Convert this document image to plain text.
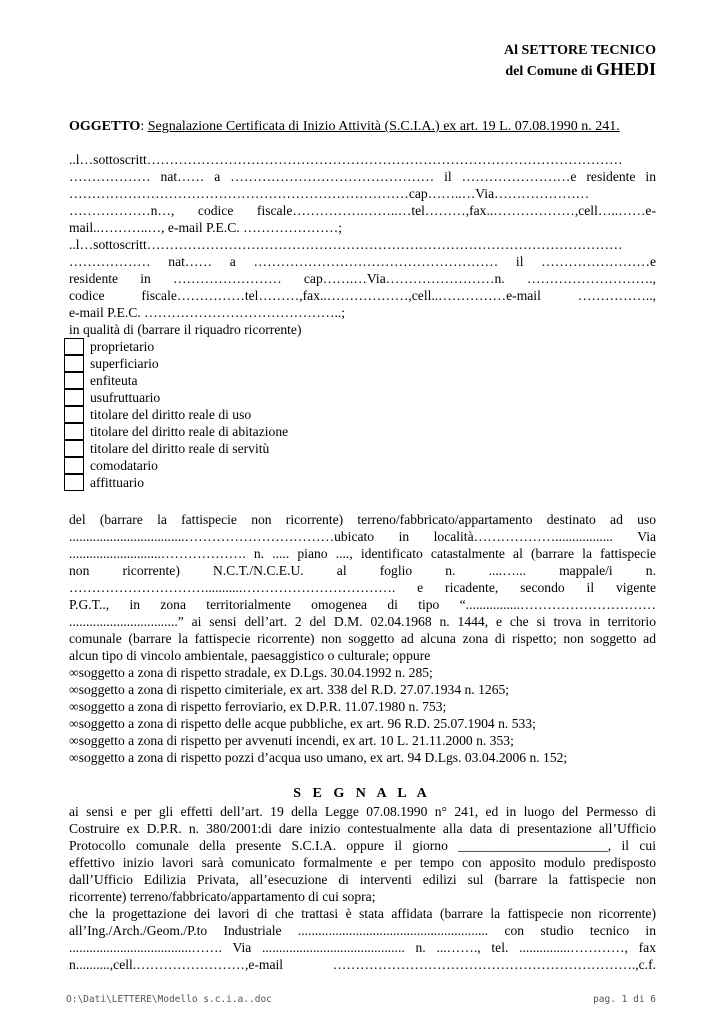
Al SETTORE TECNICO
del Comune di GHEDI
OGGETTO: Segnalazione Certificata di Inizio Attività (S.C.I.A.) ex art. 19 L. 07.08.1990 n. 241.
..l…sottoscritt……………………………………………………………………………………………
……………… nat…… a ……………………………………… il ……………………e residente in
…………………………………………………………………cap……..…Via…………………
………………n…, codice fiscale…………….……..…tel………,fax..………………,cell…..……e-
mail..………..…, e-mail P.E.C. …………………;
..l…sottoscritt……………………………………………………………………………………………
……………… nat…… a ……………………………………………… il ……………………e
residente in …………………… cap…….…Via……………………n. ……………………….,
codice fiscale……………tel………,fax..………………,cell..……………e-mail ……………..,
e-mail P.E.C. ……………………………………..;
in qualità di (barrare il riquadro ricorrente)
proprietario
superficiario
enfiteuta
usufruttuario
titolare del diritto reale di uso
titolare del diritto reale di abitazione
titolare del diritto reale di servitù
comodatario
affittuario
del (barrare la fattispecie non ricorrente) terreno/fabbricato/appartamento destinato ad uso
..................................……………………………ubicato in località………………................. Via
...........................………………. n. ..... piano ...., identificato catastalmente al (barrare la fattispecie
non ricorrente) N.C.T./N.C.E.U. al foglio n. ....…... mappale/i n.
…………………………...........……………………………. e ricadente, secondo il vigente
P.G.T.., in zona territorialmente omogenea di tipo “................…………………………
................................” ai sensi dell’art. 2 del D.M. 02.04.1968 n. 1444, e che si trova in territorio
comunale (barrare la fattispecie ricorrente) non soggetto ad alcuna zona di rispetto; non soggetto ad
alcun tipo di vincolo ambientale, paesaggistico o culturale; oppure
∞soggetto a zona di rispetto stradale, ex D.Lgs. 30.04.1992 n. 285;
∞soggetto a zona di rispetto cimiteriale, ex art. 338 del R.D. 27.07.1934 n. 1265;
∞soggetto a zona di rispetto ferroviario, ex D.P.R. 11.07.1980 n. 753;
∞soggetto a zona di rispetto delle acque pubbliche, ex art. 96 R.D. 25.07.1904 n. 533;
∞soggetto a zona di rispetto per avvenuti incendi, ex art. 10 L. 21.11.2000 n. 353;
∞soggetto a zona di rispetto pozzi d’acqua uso umano, ex art. 94 D.Lgs. 03.04.2006 n. 152;
S E G N A L A
ai sensi e per gli effetti dell’art. 19 della Legge 07.08.1990 n° 241, ed in luogo del Permesso di
Costruire ex D.P.R. n. 380/2001:di dare inizio contestualmente alla data di presentazione all’Ufficio
Protocollo comunale della presente S.C.I.A. oppure il giorno ______________________, il cui
effettivo inizio lavori sarà comunicato formalmente e per tempo con apposito modulo predisposto
dall’Ufficio Edilizia Privata, all’esecuzione di interventi edilizi sul (barrare la fattispecie non
ricorrente) terreno/fabbricato/appartamento di cui sopra;
che la progettazione dei lavori di che trattasi è stata affidata (barrare la fattispecie non ricorrente)
all’Ing./Arch./Geom./P.to Industriale ........................................................ con studio tecnico in
....................................……. Via .......................................... n. ...……., tel. ...............…………, fax
n..........,cell.……………………,e-mail ………………………………………………………….,c.f.
O:\Dati\LETTERE\Modello s.c.i.a..doc	pag. 1 di 6
